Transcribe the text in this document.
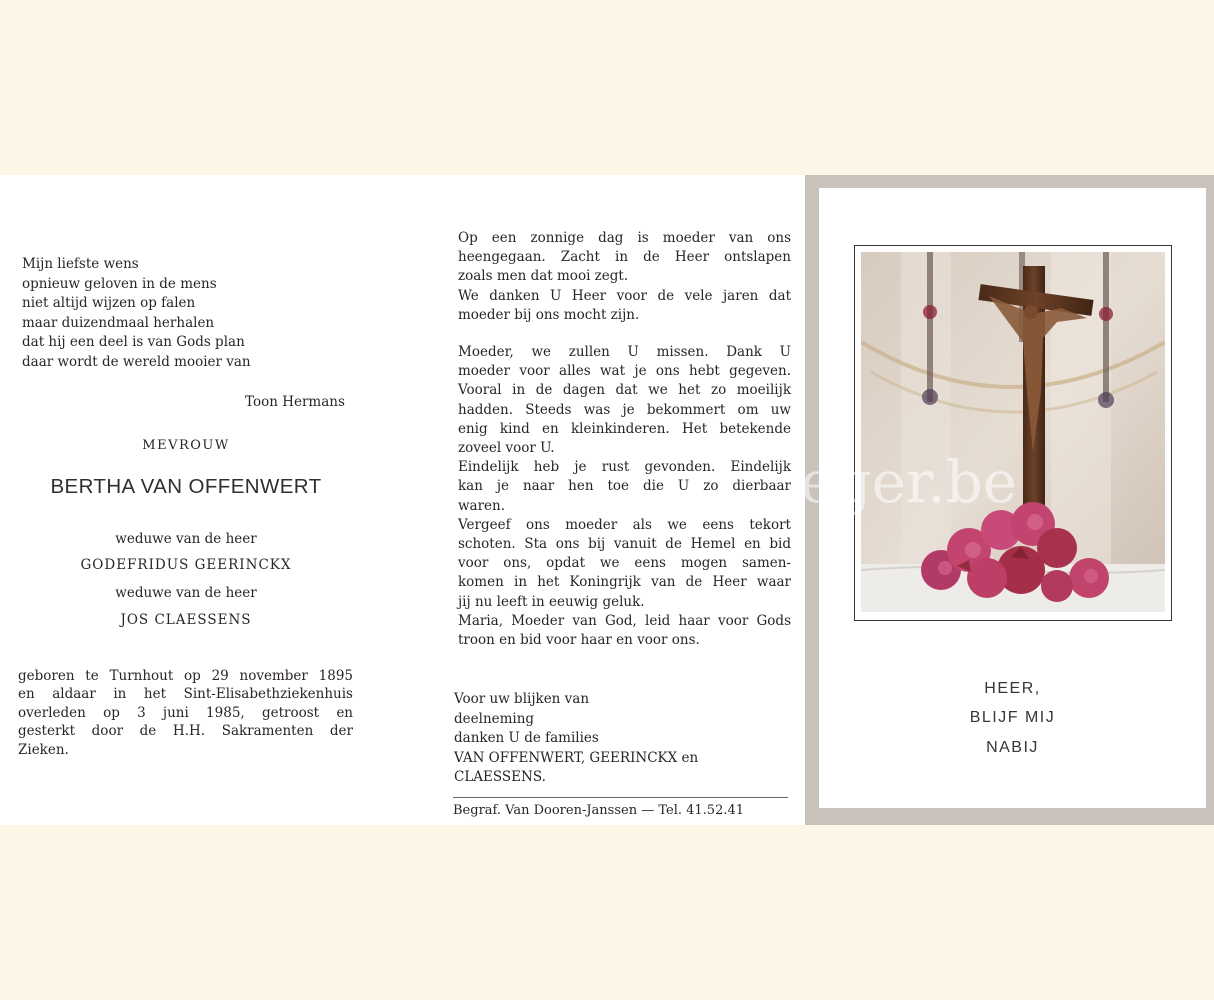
Mijn liefste wens
opnieuw geloven in de mens
niet altijd wijzen op falen
maar duizendmaal herhalen
dat hij een deel is van Gods plan
daar wordt de wereld mooier van
Toon Hermans
MEVROUW
BERTHA VAN OFFENWERT
weduwe van de heer
GODEFRIDUS GEERINCKX
weduwe van de heer
JOS CLAESSENS
geboren te Turnhout op 29 november 1895
en aldaar in het Sint-Elisabethziekenhuis
overleden op 3 juni 1985, getroost en
gesterkt door de H.H. Sakramenten der
Zieken.
Op een zonnige dag is moeder van ons
heengegaan. Zacht in de Heer ontslapen
zoals men dat mooi zegt.
We danken U Heer voor de vele jaren dat
moeder bij ons mocht zijn.
Moeder, we zullen U missen. Dank U
moeder voor alles wat je ons hebt gegeven.
Vooral in de dagen dat we het zo moeilijk
hadden. Steeds was je bekommert om uw
enig kind en kleinkinderen. Het betekende
zoveel voor U.
Eindelijk heb je rust gevonden. Eindelijk
kan je naar hen toe die U zo dierbaar
waren.
Vergeef ons moeder als we eens tekort
schoten. Sta ons bij vanuit de Hemel en bid
voor ons, opdat we eens mogen samen-
komen in het Koningrijk van de Heer waar
jij nu leeft in eeuwig geluk.
Maria, Moeder van God, leid haar voor Gods
troon en bid voor haar en voor ons.
Voor uw blijken van
deelneming
danken U de families
VAN OFFENWERT, GEERINCKX en
CLAESSENS.
Begraf. Van Dooren-Janssen — Tel. 41.52.41
HEER,
BLIJF MIJ
NABIJ
eger.be
